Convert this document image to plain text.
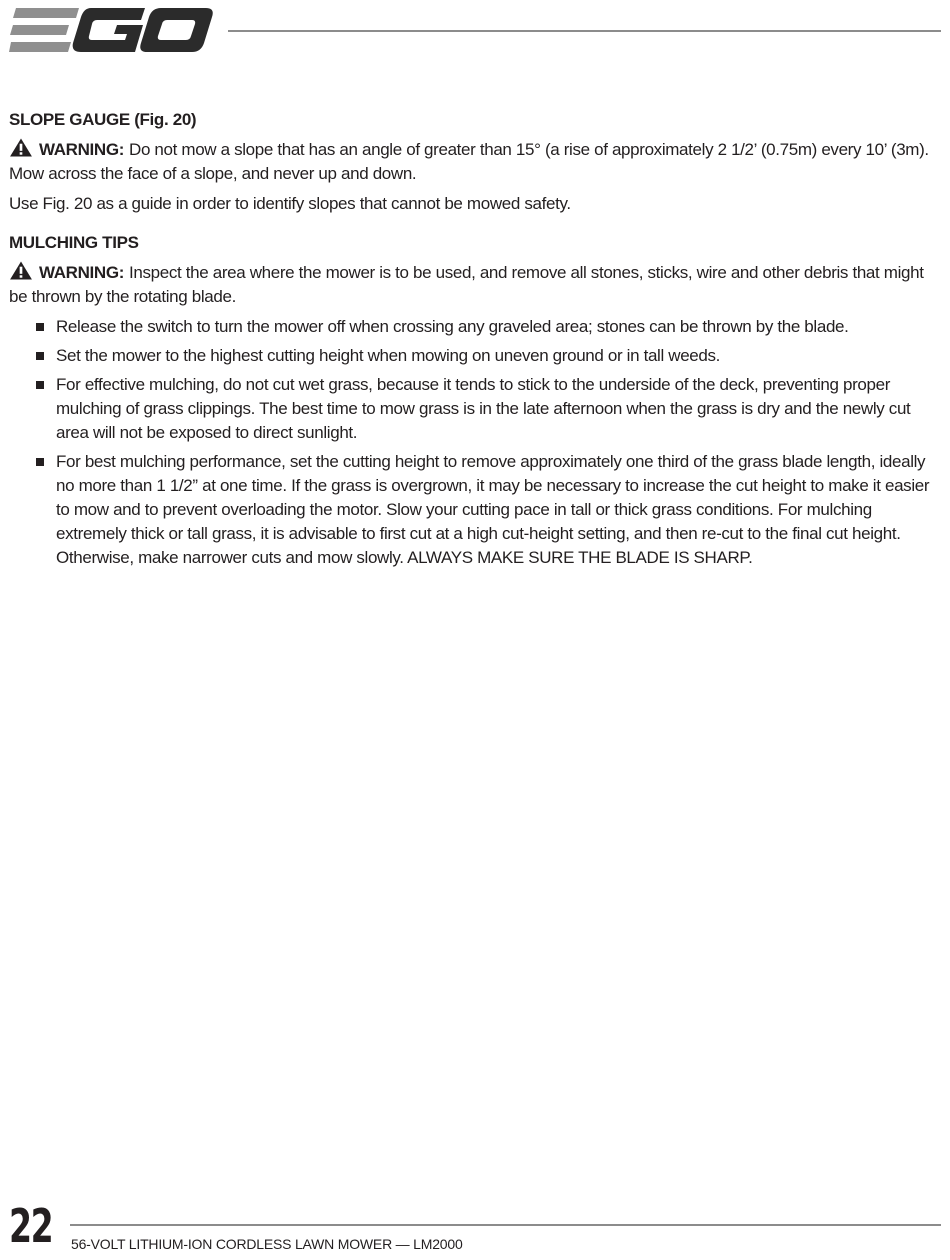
SLOPE GAUGE (Fig. 20)
WARNING: Do not mow a slope that has an angle of greater than 15° (a rise of approximately 2 1/2’ (0.75m) every 10’ (3m). Mow across the face of a slope, and never up and down.
Use Fig. 20 as a guide in order to identify slopes that cannot be mowed safety.
MULCHING TIPS
WARNING: Inspect the area where the mower is to be used, and remove all stones, sticks, wire and other debris that might be thrown by the rotating blade.
Release the switch to turn the mower off when crossing any graveled area; stones can be thrown by the blade.
Set the mower to the highest cutting height when mowing on uneven ground or in tall weeds.
For effective mulching, do not cut wet grass, because it tends to stick to the underside of the deck, preventing proper mulching of grass clippings. The best time to mow grass is in the late afternoon when the grass is dry and the newly cut area will not be exposed to direct sunlight.
For best mulching performance, set the cutting height to remove approximately one third of the grass blade length, ideally no more than 1 1/2” at one time. If the grass is overgrown, it may be necessary to increase the cut height to make it easier to mow and to prevent overloading the motor. Slow your cutting pace in tall or thick grass conditions. For mulching extremely thick or tall grass, it is advisable to first cut at a high cut-height setting, and then re-cut to the final cut height. Otherwise, make narrower cuts and mow slowly. ALWAYS MAKE SURE THE BLADE IS SHARP.
22 56-VOLT LITHIUM-ION CORDLESS LAWN MOWER — LM2000
